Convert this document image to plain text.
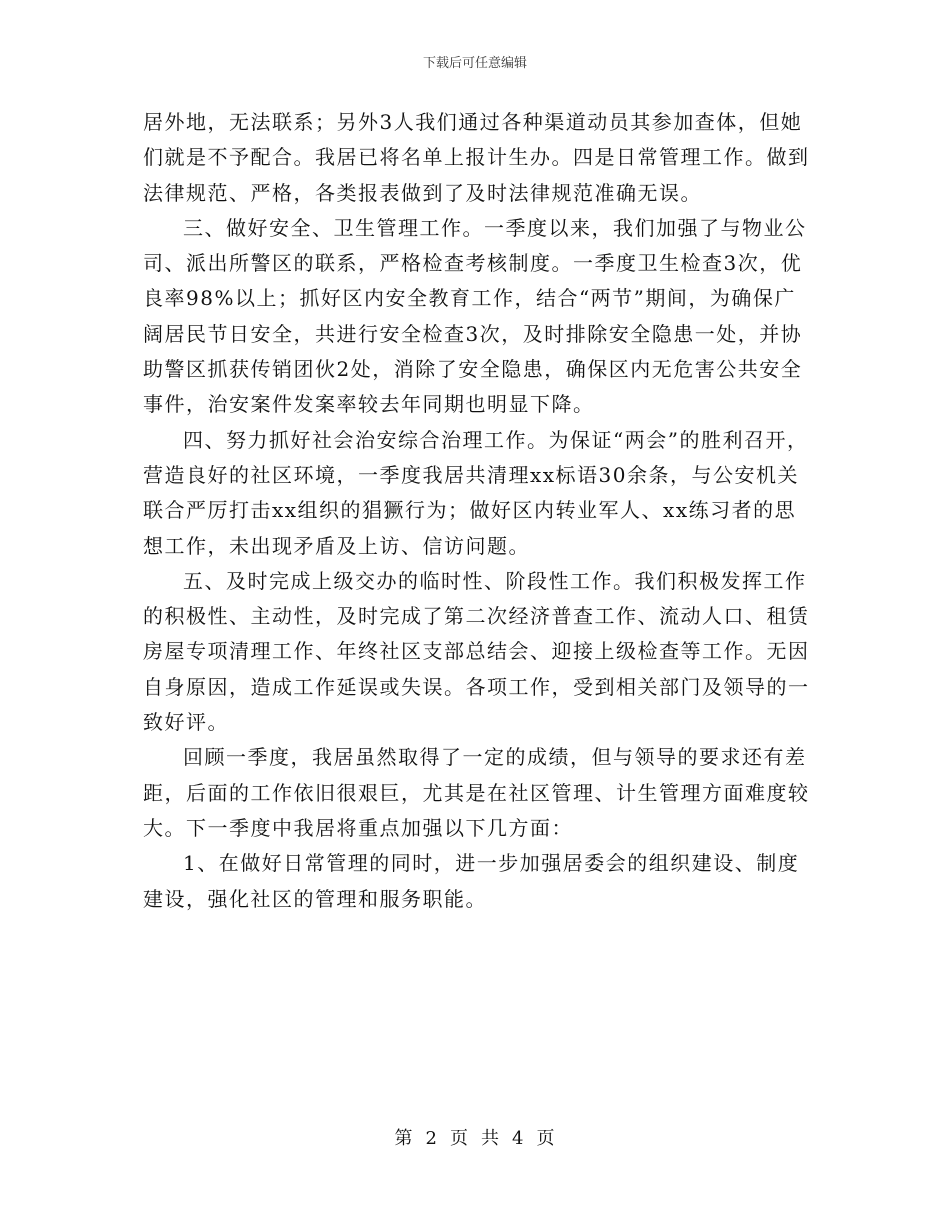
下载后可任意编辑

居外地，无法联系；另外3人我们通过各种渠道动员其参加查体，但她们就是不予配合。我居已将名单上报计生办。四是日常管理工作。做到法律规范、严格，各类报表做到了及时法律规范准确无误。

三、做好安全、卫生管理工作。一季度以来，我们加强了与物业公司、派出所警区的联系，严格检查考核制度。一季度卫生检查3次，优良率98%以上；抓好区内安全教育工作，结合“两节”期间，为确保广阔居民节日安全，共进行安全检查3次，及时排除安全隐患一处，并协助警区抓获传销团伙2处，消除了安全隐患，确保区内无危害公共安全事件，治安案件发案率较去年同期也明显下降。

四、努力抓好社会治安综合治理工作。为保证“两会”的胜利召开，营造良好的社区环境，一季度我居共清理xx标语30余条，与公安机关联合严厉打击xx组织的猖獗行为；做好区内转业军人、xx练习者的思想工作，未出现矛盾及上访、信访问题。

五、及时完成上级交办的临时性、阶段性工作。我们积极发挥工作的积极性、主动性，及时完成了第二次经济普查工作、流动人口、租赁房屋专项清理工作、年终社区支部总结会、迎接上级检查等工作。无因自身原因，造成工作延误或失误。各项工作，受到相关部门及领导的一致好评。

回顾一季度，我居虽然取得了一定的成绩，但与领导的要求还有差距，后面的工作依旧很艰巨，尤其是在社区管理、计生管理方面难度较大。下一季度中我居将重点加强以下几方面：

1、在做好日常管理的同时，进一步加强居委会的组织建设、制度建设，强化社区的管理和服务职能。

第 2 页 共 4 页
